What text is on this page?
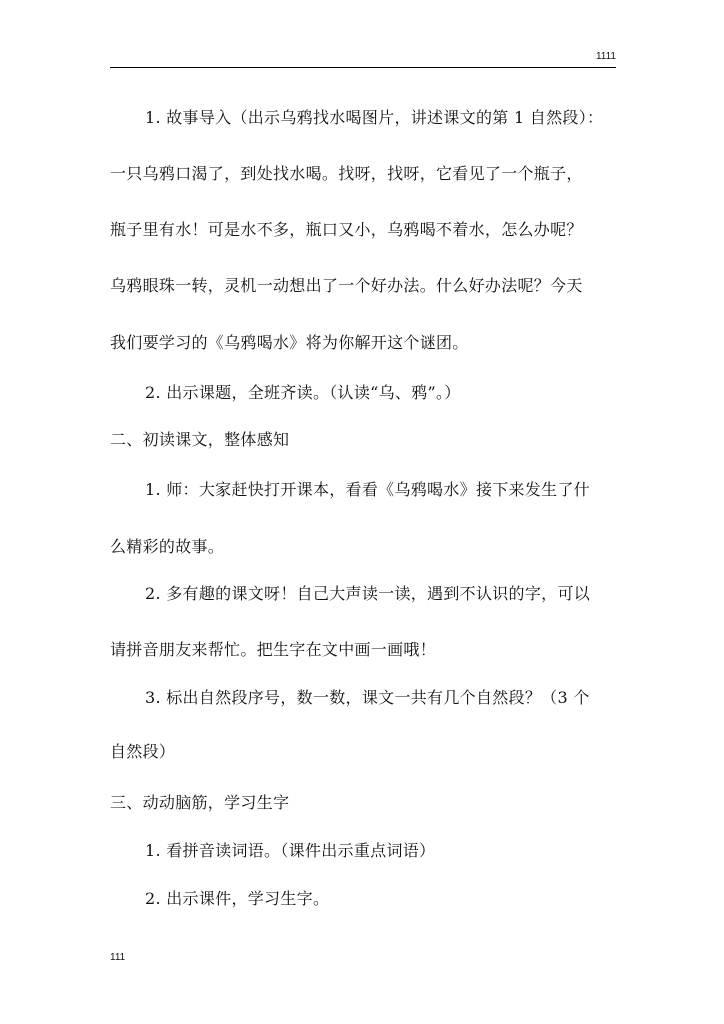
1111
1. 故事导入（出示乌鸦找水喝图片，讲述课文的第 1 自然段）：
一只乌鸦口渴了，到处找水喝。找呀，找呀，它看见了一个瓶子，
瓶子里有水！可是水不多，瓶口又小，乌鸦喝不着水，怎么办呢？
乌鸦眼珠一转，灵机一动想出了一个好办法。什么好办法呢？今天
我们要学习的《乌鸦喝水》将为你解开这个谜团。
2. 出示课题，全班齐读。（认读“乌、鸦”。）
二、初读课文，整体感知
1. 师：大家赶快打开课本，看看《乌鸦喝水》接下来发生了什
么精彩的故事。
2. 多有趣的课文呀！自己大声读一读，遇到不认识的字，可以
请拼音朋友来帮忙。把生字在文中画一画哦！
3. 标出自然段序号，数一数，课文一共有几个自然段？（3 个
自然段）
三、动动脑筋，学习生字
1. 看拼音读词语。（课件出示重点词语）
2. 出示课件，学习生字。
111
